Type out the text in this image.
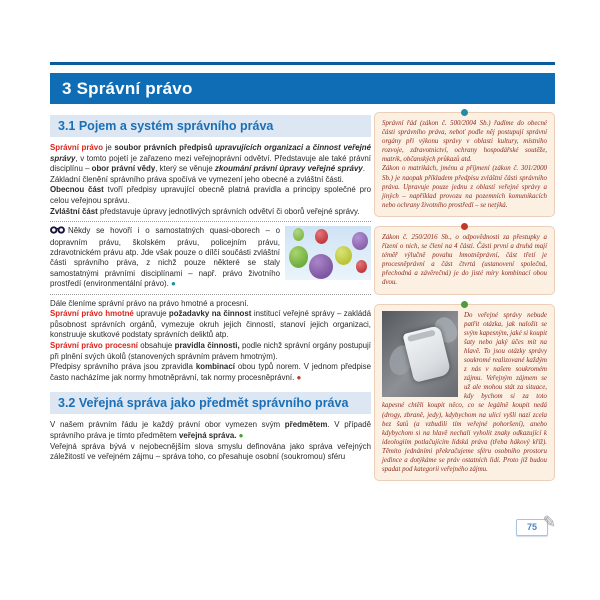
3 Správní právo
3.1 Pojem a systém správního práva

Správní právo je soubor právních předpisů upravujících organizaci a činnost veřejné správy, v tomto pojetí je zařazeno mezi veřejnoprávní odvětví. Představuje ale také právní disciplínu – obor právní vědy, který se věnuje zkoumání právní úpravy veřejné správy.

Základní členění správního práva spočívá ve vymezení jeho obecné a zvláštní části.

Obecnou část tvoří předpisy upravující obecně platná pravidla a principy společné pro celou veřejnou správu.

Zvláštní část představuje úpravy jednotlivých správních odvětví či oborů veřejné správy.

Někdy se hovoří i o samostatných quasi-oborech – o dopravním právu, školském právu, policejním právu, zdravotnickém právu atp. Jde však pouze o dílčí součásti zvláštní části správního práva, z nichž pouze některé se staly samostatnými právními disciplínami – např. právo životního prostředí (environmentální právo). ●

Dále členíme správní právo na právo hmotné a procesní.

Správní právo hmotné upravuje požadavky na činnost institucí veřejné správy – zakládá působnost správních orgánů, vymezuje okruh jejich činností, stanoví jejich organizaci, konstruuje skutkové podstaty správních deliktů atp.

Správní právo procesní obsahuje pravidla činnosti, podle nichž správní orgány postupují při plnění svých úkolů (stanovených správním právem hmotným).

Předpisy správního práva jsou zpravidla kombinací obou typů norem. V jednom předpise často nacházíme jak normy hmotněprávní, tak normy procesněprávní. ●

3.2 Veřejná správa jako předmět správního práva

V našem právním řádu je každý právní obor vymezen svým předmětem. V případě správního práva je tímto předmětem veřejná správa. ●

Veřejná správa bývá v nejobecnějším slova smyslu definována jako správa veřejných záležitostí ve veřejném zájmu – správa toho, co přesahuje osobní (soukromou) sféru

Správní řád (zákon č. 500/2004 Sb.) řadíme do obecné části správního práva, neboť podle něj postupují správní orgány při výkonu správy v oblasti kultury, místního rozvoje, zdravotnictví, ochrany hospodářské soutěže, matrik, občanských průkazů atd.

Zákon o matrikách, jménu a příjmení (zákon č. 301/2000 Sb.) je naopak příkladem předpisu zvláštní části správního práva. Upravuje pouze jednu z oblastí veřejné správy a jiných – například provozu na pozemních komunikacích nebo ochrany životního prostředí – se netýká.

Zákon č. 250/2016 Sb., o odpovědnosti za přestupky a řízení o nich, se člení na 4 části. Části první a druhá mají téměř výlučně povahu hmotněprávní, část třetí je procesněprávní a část čtvrtá (ustanovení společná, přechodná a závěrečná) je do jisté míry kombinací obou dvou.

Do veřejné správy nebude patřit otázka, jak naložit se svým kapesným, jaké si koupit šaty nebo jaký účes mít na hlavě. To jsou otázky správy soukromé realizované každým z nás v našem soukromém zájmu. Veřejným zájmem se už ale mohou stát za situace, kdy bychom si za toto kapesné chtěli koupit něco, co se legálně koupit nedá (drogy, zbraně, jedy), kdybychom na ulici vyšli nazí zcela bez šatů (a vzbudili tím veřejné pohoršení), anebo kdybychom si na hlavě nechali vyholit znaky odkazující k ideologiím potlačujícím lidská práva (třeba hákový kříž). Těmito jednáními překračujeme sféru osobního prostoru jedince a dotýkáme se práv ostatních lidí. Proto již budou spadat pod kategorii veřejného zájmu.

75 ✎
